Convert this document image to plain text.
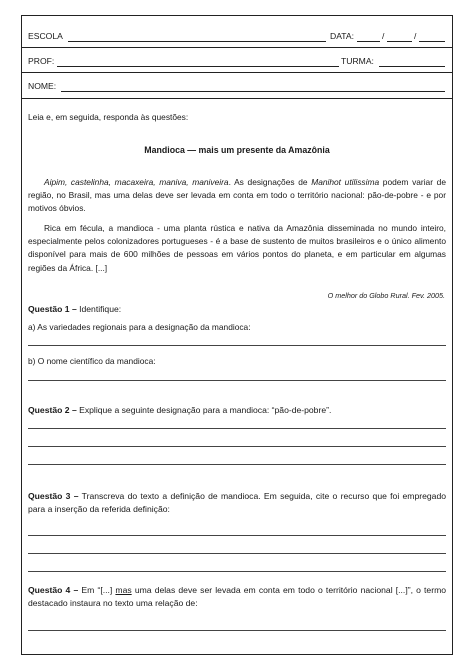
ESCOLA	DATA:	/	/
PROF:	TURMA:
NOME:
Leia e, em seguida, responda às questões:
Mandioca — mais um presente da Amazônia
Aipim, castelinha, macaxeira, maniva, maniveira. As designações de Manihot utilissima podem variar de região, no Brasil, mas uma delas deve ser levada em conta em todo o território nacional: pão-de-pobre - e por motivos óbvios.
Rica em fécula, a mandioca - uma planta rústica e nativa da Amazônia disseminada no mundo inteiro, especialmente pelos colonizadores portugueses - é a base de sustento de muitos brasileiros e o único alimento disponível para mais de 600 milhões de pessoas em vários pontos do planeta, e em particular em algumas regiões da África. [...]
O melhor do Globo Rural. Fev. 2005.
Questão 1 – Identifique:
a) As variedades regionais para a designação da mandioca:
b) O nome científico da mandioca:
Questão 2 – Explique a seguinte designação para a mandioca: “pão-de-pobre”.
Questão 3 – Transcreva do texto a definição de mandioca. Em seguida, cite o recurso que foi empregado para a inserção da referida definição:
Questão 4 – Em “[...] mas uma delas deve ser levada em conta em todo o território nacional [...]”, o termo destacado instaura no texto uma relação de:
